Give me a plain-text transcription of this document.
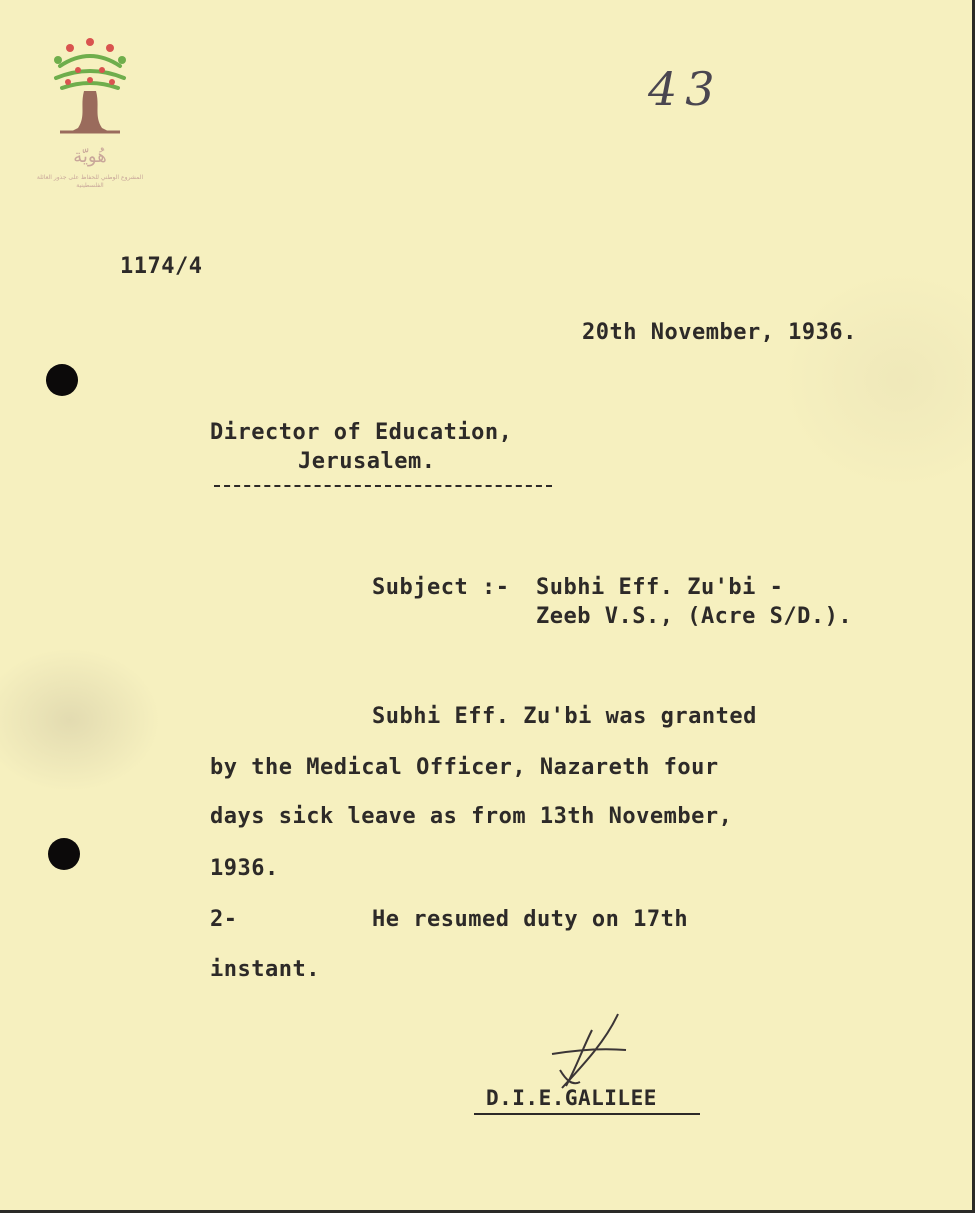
هُويّة
المشروع الوطني للحفاظ على جذور العائلة الفلسطينية
43
1174/4
20th November, 1936.
Director of Education,
Jerusalem.
Subject :- Subhi Eff. Zu'bi -
Zeeb V.S., (Acre S/D.).
Subhi Eff. Zu'bi was granted
by the Medical Officer, Nazareth four
days sick leave as from 13th November,
1936.
2-	He resumed duty on 17th
instant.
D.I.E.GALILEE
